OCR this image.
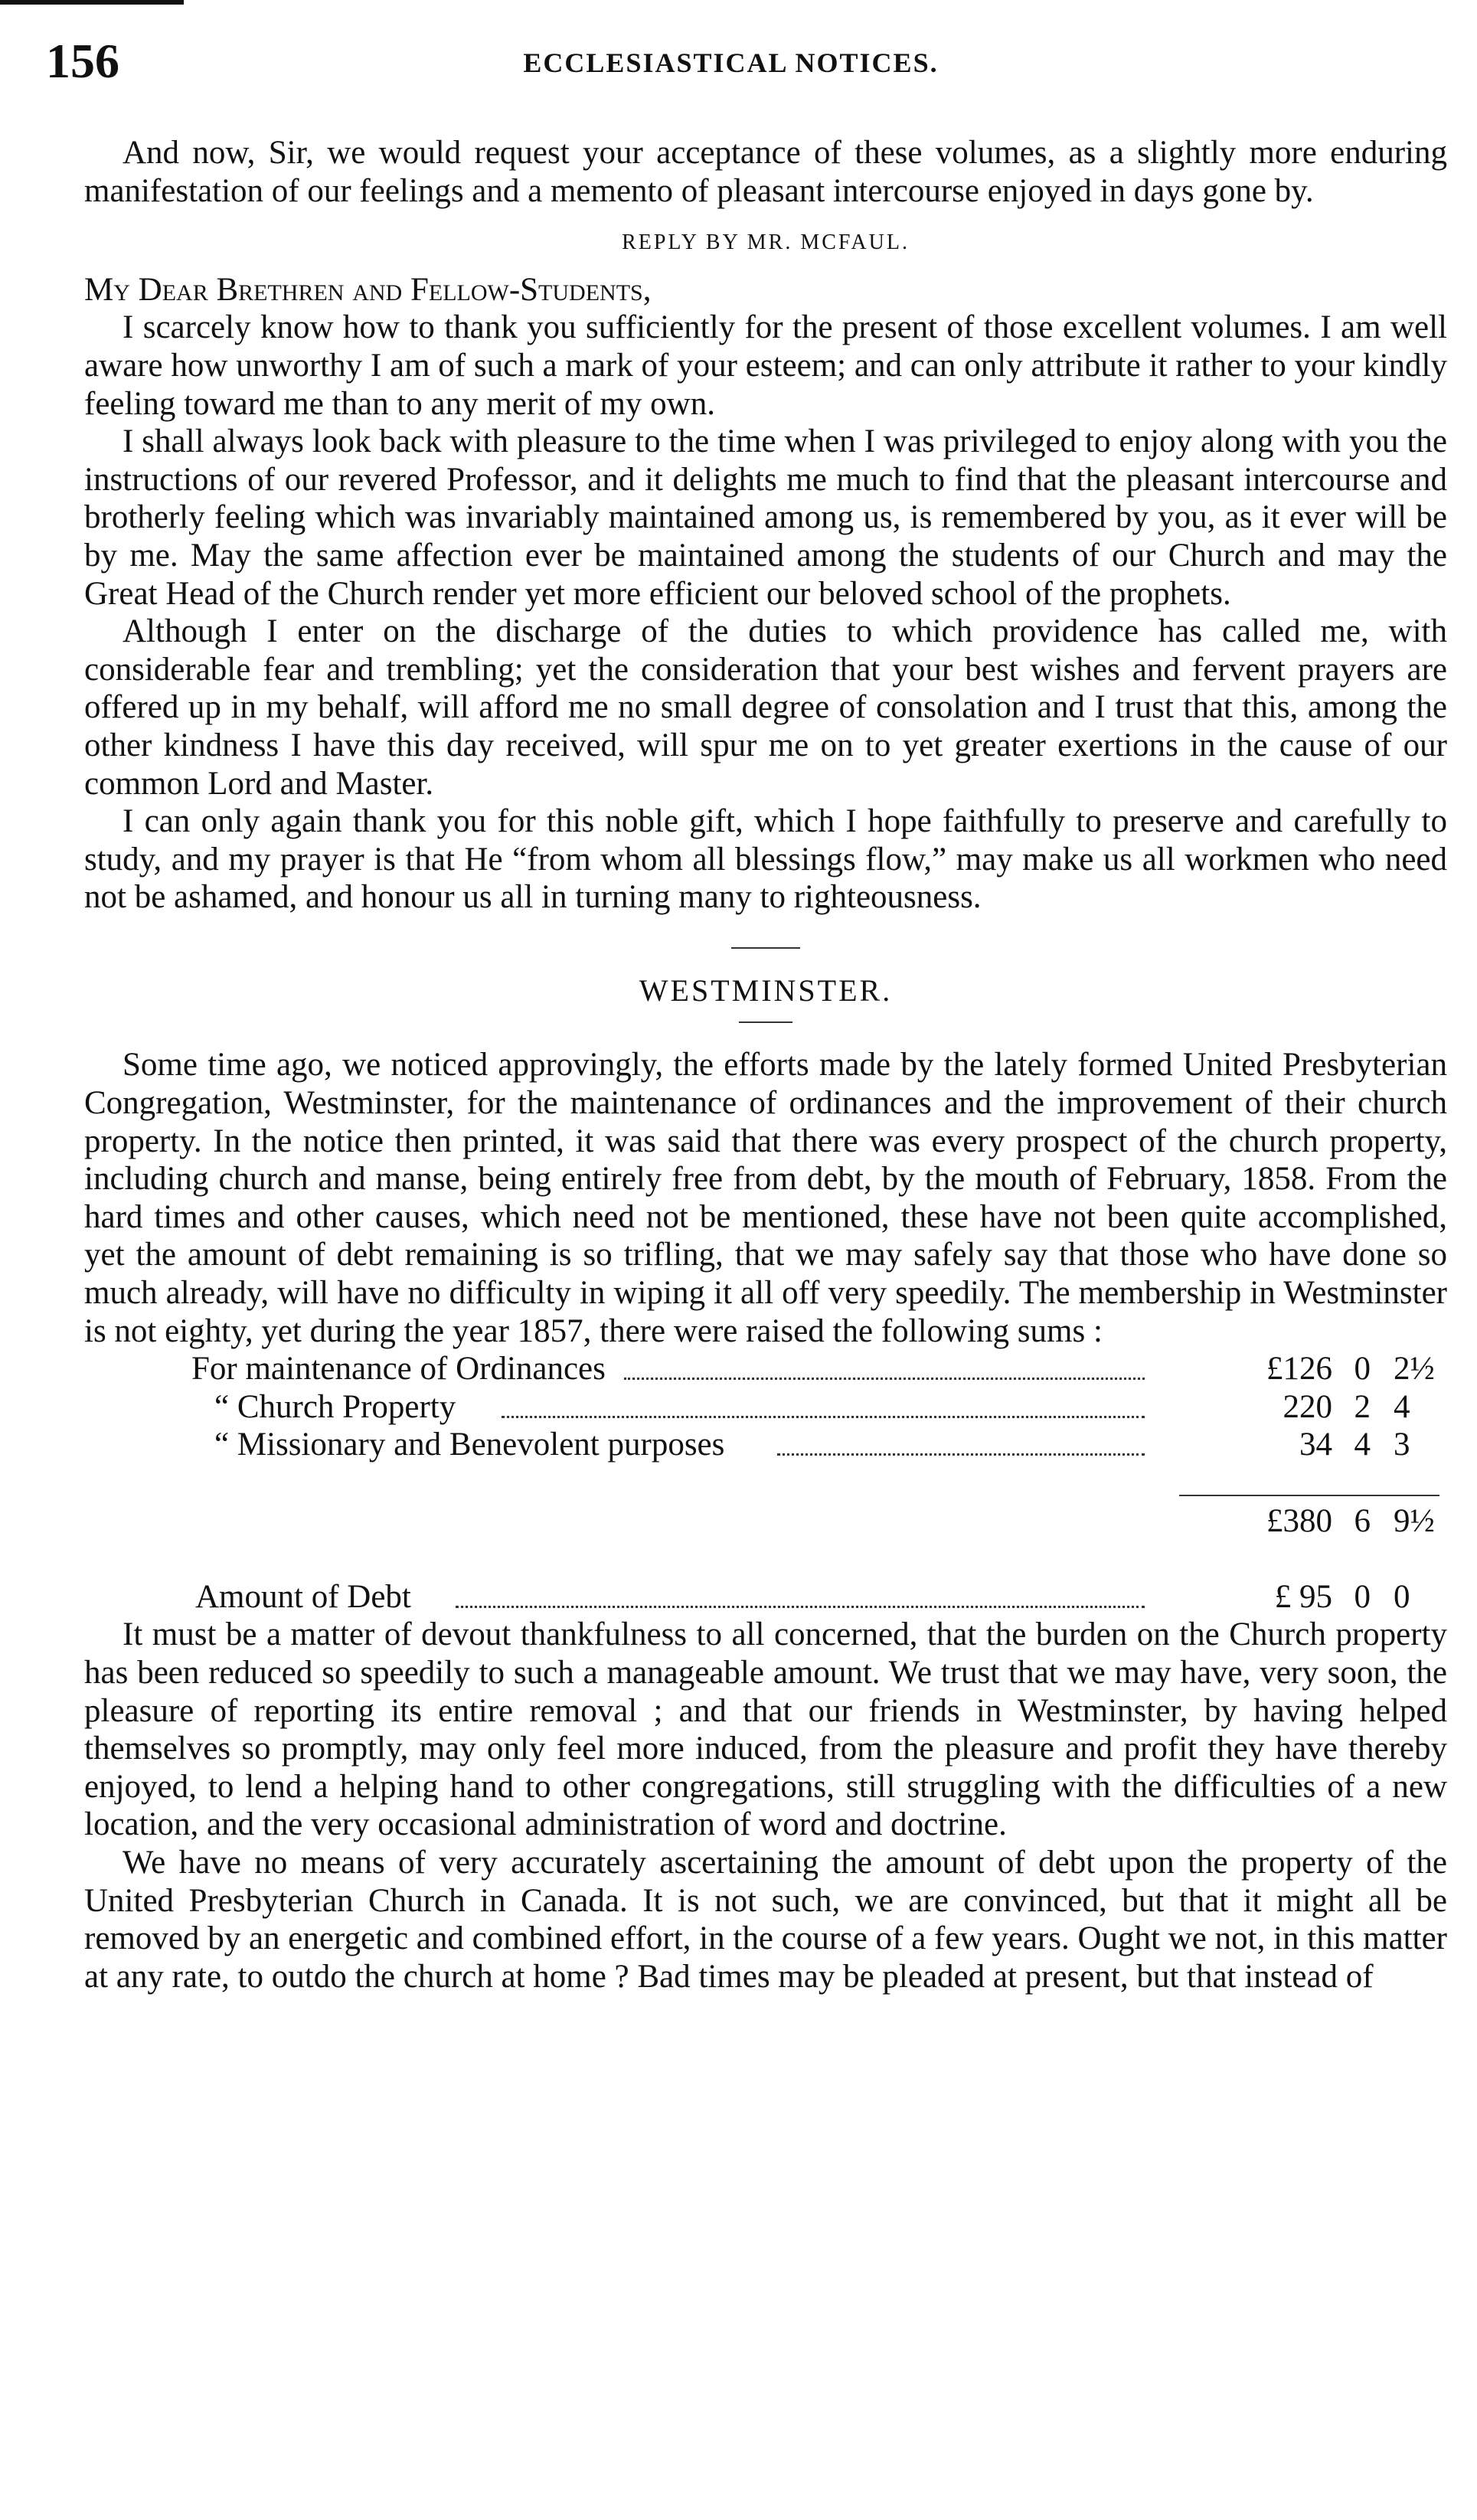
156	ECCLESIASTICAL NOTICES.

And now, Sir, we would request your acceptance of these volumes, as a slightly more enduring manifestation of our feelings and a memento of pleasant intercourse enjoyed in days gone by.

REPLY BY MR. MCFAUL.

My Dear Brethren and Fellow-Students,

I scarcely know how to thank you sufficiently for the present of those excellent volumes. I am well aware how unworthy I am of such a mark of your esteem; and can only attribute it rather to your kindly feeling toward me than to any merit of my own.

I shall always look back with pleasure to the time when I was privileged to enjoy along with you the instructions of our revered Professor, and it delights me much to find that the pleasant intercourse and brotherly feeling which was invariably maintained among us, is remembered by you, as it ever will be by me. May the same affection ever be maintained among the students of our Church and may the Great Head of the Church render yet more efficient our beloved school of the prophets.

Although I enter on the discharge of the duties to which providence has called me, with considerable fear and trembling; yet the consideration that your best wishes and fervent prayers are offered up in my behalf, will afford me no small degree of consolation and I trust that this, among the other kindness I have this day received, will spur me on to yet greater exertions in the cause of our common Lord and Master.

I can only again thank you for this noble gift, which I hope faithfully to preserve and carefully to study, and my prayer is that He “from whom all blessings flow,” may make us all workmen who need not be ashamed, and honour us all in turning many to righteousness.

WESTMINSTER.

Some time ago, we noticed approvingly, the efforts made by the lately formed United Presbyterian Congregation, Westminster, for the maintenance of ordinances and the improvement of their church property. In the notice then printed, it was said that there was every prospect of the church property, including church and manse, being entirely free from debt, by the mouth of February, 1858. From the hard times and other causes, which need not be mentioned, these have not been quite accomplished, yet the amount of debt remaining is so trifling, that we may safely say that those who have done so much already, will have no difficulty in wiping it all off very speedily. The membership in Westminster is not eighty, yet during the year 1857, there were raised the following sums :

For maintenance of Ordinances	£126 0 2½
“ Church Property	220 2 4
“ Missionary and Benevolent purposes	34 4 3
£380 6 9½
Amount of Debt	£ 95 0 0

It must be a matter of devout thankfulness to all concerned, that the burden on the Church property has been reduced so speedily to such a manageable amount. We trust that we may have, very soon, the pleasure of reporting its entire removal ; and that our friends in Westminster, by having helped themselves so promptly, may only feel more induced, from the pleasure and profit they have thereby enjoyed, to lend a helping hand to other congregations, still struggling with the difficulties of a new location, and the very occasional administration of word and doctrine.

We have no means of very accurately ascertaining the amount of debt upon the property of the United Presbyterian Church in Canada. It is not such, we are convinced, but that it might all be removed by an energetic and combined effort, in the course of a few years. Ought we not, in this matter at any rate, to outdo the church at home ? Bad times may be pleaded at present, but that instead of
